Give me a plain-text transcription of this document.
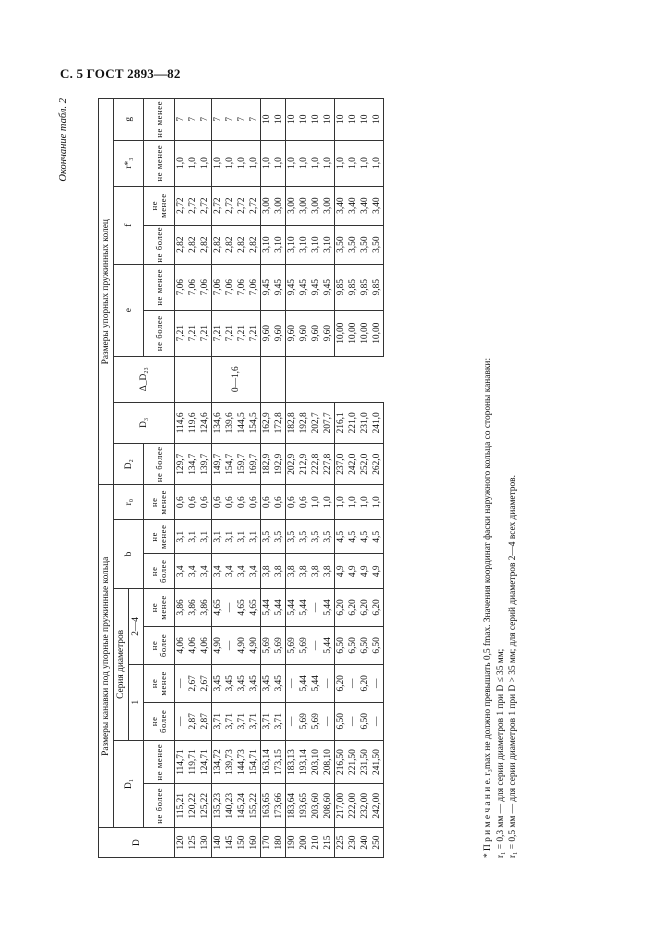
С. 5 ГОСТ 2893—82
Окончание табл. 2
D	Размеры канавки под упорные пружинные кольца									Размеры упорных пружинных колец								
	D₁		Серия диаметров				b		r₀	D₂	D₃	Δ_D₂₃	e		f		r*₃	g
			1		2—4													
	не более	не менее	не более	не менее	не более	не менее	не более	не менее	не менее	не более			не более	не менее	не более	не менее	не менее	не менее
120	115,21	114,71	—	—	4,06	3,86	3,4	3,1	0,6	129,7	114,6		7,21	7,06	2,82	2,72	1,0	7
125	120,22	119,71	2,87	2,67	4,06	3,86	3,4	3,1	0,6	134,7	119,6		7,21	7,06	2,82	2,72	1,0	7
130	125,22	124,71	2,87	2,67	4,06	3,86	3,4	3,1	0,6	139,7	124,6		7,21	7,06	2,82	2,72	1,0	7
140	135,23	134,72	3,71	3,45	4,90	4,65	3,4	3,1	0,6	149,7	134,6	0—1,6	7,21	7,06	2,82	2,72	1,0	7
145	140,23	139,73	3,71	3,45	—	—	3,4	3,1	0,6	154,7	139,6		7,21	7,06	2,82	2,72	1,0	7
150	145,24	144,73	3,71	3,45	4,90	4,65	3,4	3,1	0,6	159,7	144,5		7,21	7,06	2,82	2,72	1,0	7
160	155,22	154,71	3,71	3,45	4,90	4,65	3,4	3,1	0,6	169,7	154,5		7,21	7,06	2,82	2,72	1,0	7
170	163,65	163,14	3,71	3,45	5,69	5,44	3,8	3,5	0,6	182,9	162,9		9,60	9,45	3,10	3,00	1,0	10
180	173,66	173,15	3,71	3,45	5,69	5,44	3,8	3,5	0,6	192,9	172,8		9,60	9,45	3,10	3,00	1,0	10
190	183,64	183,13	—	—	5,69	5,44	3,8	3,5	0,6	202,9	182,8		9,60	9,45	3,10	3,00	1,0	10
200	193,65	193,14	5,69	5,44	5,69	5,44	3,8	3,5	0,6	212,9	192,8		9,60	9,45	3,10	3,00	1,0	10
210	203,60	203,10	5,69	5,44	—	—	3,8	3,5	1,0	222,8	202,7		9,60	9,45	3,10	3,00	1,0	10
215	208,60	208,10	—	—	5,44	5,44	3,8	3,5	1,0	227,8	207,7		9,60	9,45	3,10	3,00	1,0	10
225	217,00	216,50	6,50	6,20	6,50	6,20	4,9	4,5	1,0	237,0	216,1		10,00	9,85	3,50	3,40	1,0	10
230	222,00	221,50	—	—	6,50	6,20	4,9	4,5	1,0	242,0	221,0		10,00	9,85	3,50	3,40	1,0	10
240	232,00	231,50	6,50	6,20	6,50	6,20	4,9	4,5	1,0	252,0	231,0		10,00	9,85	3,50	3,40	1,0	10
250	242,00	241,50	—	—	6,50	6,20	4,9	4,5	1,0	262,0	241,0		10,00	9,85	3,50	3,40	1,0	10
* П р и м е ч а н и е. r₃max не должно превышать 0,5 fmax. Значения координат фаски наружного кольца со стороны канавки: r₁ = 0,3 мм — для серии диаметров 1 при D ≤ 35 мм; r₁ = 0,5 мм — для серии диаметров 1 при D > 35 мм; для серий диаметров 2—4 всех диаметров.
